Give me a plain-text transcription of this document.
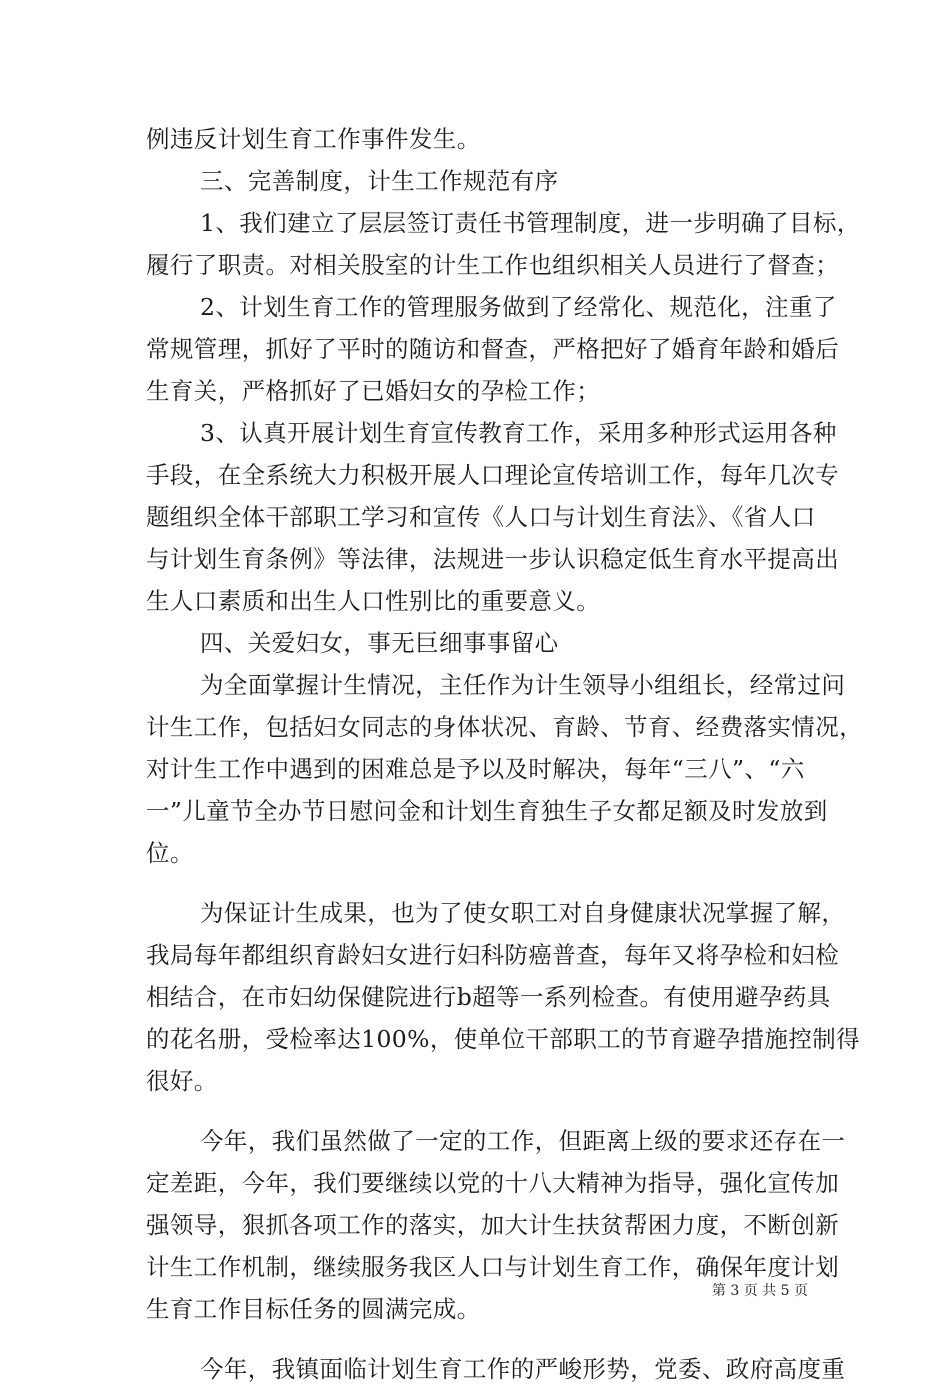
例违反计划生育工作事件发生。
三、完善制度，计生工作规范有序
1、我们建立了层层签订责任书管理制度，进一步明确了目标，
履行了职责。对相关股室的计生工作也组织相关人员进行了督查；
2、计划生育工作的管理服务做到了经常化、规范化，注重了
常规管理，抓好了平时的随访和督查，严格把好了婚育年龄和婚后
生育关，严格抓好了已婚妇女的孕检工作；
3、认真开展计划生育宣传教育工作，采用多种形式运用各种
手段，在全系统大力积极开展人口理论宣传培训工作，每年几次专
题组织全体干部职工学习和宣传《人口与计划生育法》、《省人口
与计划生育条例》等法律，法规进一步认识稳定低生育水平提高出
生人口素质和出生人口性别比的重要意义。
四、关爱妇女，事无巨细事事留心
为全面掌握计生情况，主任作为计生领导小组组长，经常过问
计生工作，包括妇女同志的身体状况、育龄、节育、经费落实情况，
对计生工作中遇到的困难总是予以及时解决，每年“三八”、“六
一”儿童节全办节日慰问金和计划生育独生子女都足额及时发放到
位。
为保证计生成果，也为了使女职工对自身健康状况掌握了解，
我局每年都组织育龄妇女进行妇科防癌普查，每年又将孕检和妇检
相结合，在市妇幼保健院进行b超等一系列检查。有使用避孕药具
的花名册，受检率达100%，使单位干部职工的节育避孕措施控制得
很好。
今年，我们虽然做了一定的工作，但距离上级的要求还存在一
定差距，今年，我们要继续以党的十八大精神为指导，强化宣传加
强领导，狠抓各项工作的落实，加大计生扶贫帮困力度，不断创新
计生工作机制，继续服务我区人口与计划生育工作，确保年度计划
生育工作目标任务的圆满完成。
今年，我镇面临计划生育工作的严峻形势，党委、政府高度重
第 3 页 共 5 页
